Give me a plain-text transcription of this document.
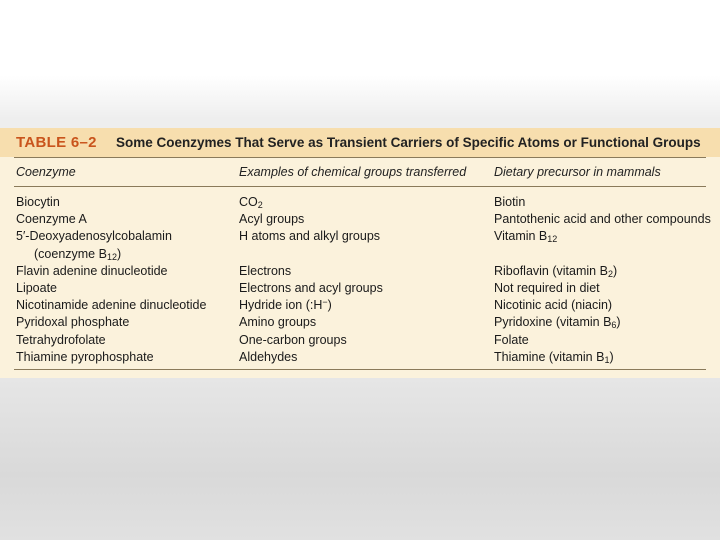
TABLE 6–2 Some Coenzymes That Serve as Transient Carriers of Specific Atoms or Functional Groups
Coenzyme	Examples of chemical groups transferred Dietary precursor in mammals
Biocytin
Coenzyme A
5′-Deoxyadenosylcobalamin
(coenzyme $B_{12}$)
Flavin adenine dinucleotide
Lipoate
Nicotinamide adenine dinucleotide
Pyridoxal phosphate
Tetrahydrofolate
Thiamine pyrophosphate
$CO_2$
Acyl groups
H atoms and alkyl groups
Electrons
Electrons and acyl groups
Hydride ion (:H−)
Amino groups
One-carbon groups
Aldehydes
Biotin
Pantothenic acid and other compounds
Vitamin $B_{12}$
Riboflavin (vitamin $B_2$)
Not required in diet
Nicotinic acid (niacin)
Pyridoxine (vitamin $B_6$)
Folate
Thiamine (vitamin $B_1$)
